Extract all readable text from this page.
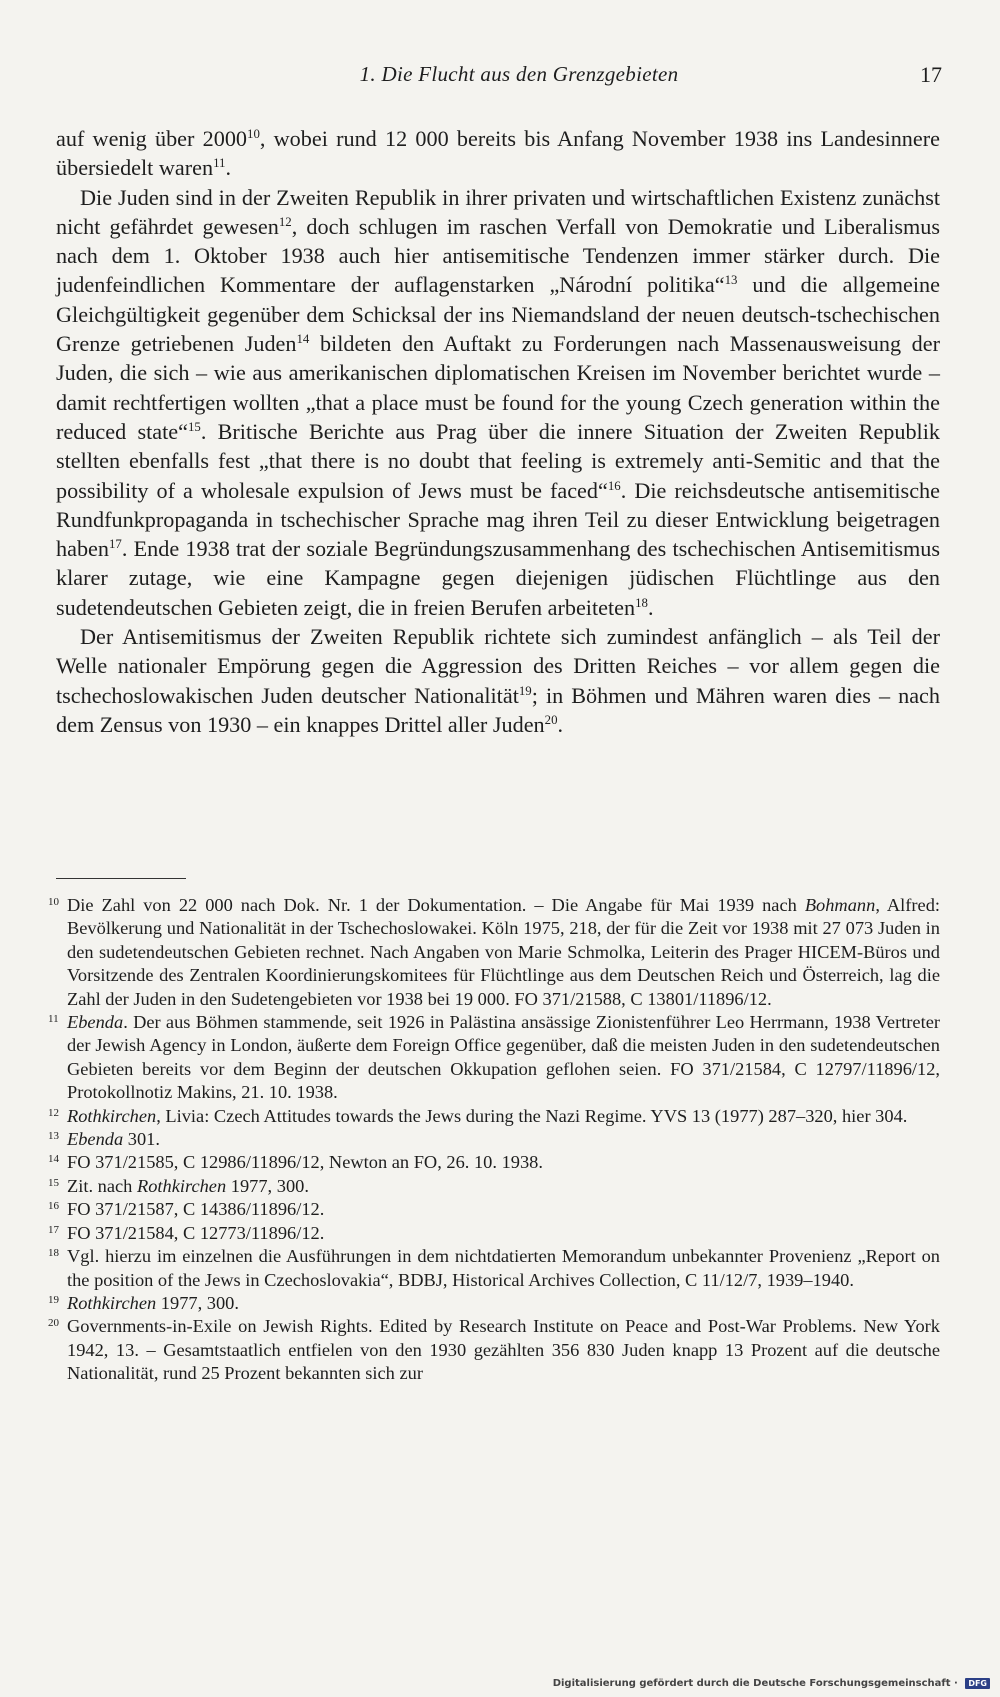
1. Die Flucht aus den Grenzgebieten	17

auf wenig über 2000$^{10}$, wobei rund 12 000 bereits bis Anfang November 1938 ins Landesinnere übersiedelt waren$^{11}$.

Die Juden sind in der Zweiten Republik in ihrer privaten und wirtschaftlichen Existenz zunächst nicht gefährdet gewesen$^{12}$, doch schlugen im raschen Verfall von Demokratie und Liberalismus nach dem 1. Oktober 1938 auch hier antisemitische Tendenzen immer stärker durch. Die judenfeindlichen Kommentare der auflagenstarken „Národní politika“$^{13}$ und die allgemeine Gleichgültigkeit gegenüber dem Schicksal der ins Niemandsland der neuen deutsch-tschechischen Grenze getriebenen Juden$^{14}$ bildeten den Auftakt zu Forderungen nach Massenausweisung der Juden, die sich – wie aus amerikanischen diplomatischen Kreisen im November berichtet wurde – damit rechtfertigen wollten „that a place must be found for the young Czech generation within the reduced state“$^{15}$. Britische Berichte aus Prag über die innere Situation der Zweiten Republik stellten ebenfalls fest „that there is no doubt that feeling is extremely anti-Semitic and that the possibility of a wholesale expulsion of Jews must be faced“$^{16}$. Die reichsdeutsche antisemitische Rundfunkpropaganda in tschechischer Sprache mag ihren Teil zu dieser Entwicklung beigetragen haben$^{17}$. Ende 1938 trat der soziale Begründungszusammenhang des tschechischen Antisemitismus klarer zutage, wie eine Kampagne gegen diejenigen jüdischen Flüchtlinge aus den sudetendeutschen Gebieten zeigt, die in freien Berufen arbeiteten$^{18}$.

Der Antisemitismus der Zweiten Republik richtete sich zumindest anfänglich – als Teil der Welle nationaler Empörung gegen die Aggression des Dritten Reiches – vor allem gegen die tschechoslowakischen Juden deutscher Nationalität$^{19}$; in Böhmen und Mähren waren dies – nach dem Zensus von 1930 – ein knappes Drittel aller Juden$^{20}$.

10 Die Zahl von 22 000 nach Dok. Nr. 1 der Dokumentation. – Die Angabe für Mai 1939 nach Bohmann, Alfred: Bevölkerung und Nationalität in der Tschechoslowakei. Köln 1975, 218, der für die Zeit vor 1938 mit 27 073 Juden in den sudetendeutschen Gebieten rechnet. Nach Angaben von Marie Schmolka, Leiterin des Prager HICEM-Büros und Vorsitzende des Zentralen Koordinierungskomitees für Flüchtlinge aus dem Deutschen Reich und Österreich, lag die Zahl der Juden in den Sudetengebieten vor 1938 bei 19 000. FO 371/21588, C 13801/11896/12.
11 Ebenda. Der aus Böhmen stammende, seit 1926 in Palästina ansässige Zionistenführer Leo Herrmann, 1938 Vertreter der Jewish Agency in London, äußerte dem Foreign Office gegenüber, daß die meisten Juden in den sudetendeutschen Gebieten bereits vor dem Beginn der deutschen Okkupation geflohen seien. FO 371/21584, C 12797/11896/12, Protokollnotiz Makins, 21. 10. 1938.
12 Rothkirchen, Livia: Czech Attitudes towards the Jews during the Nazi Regime. YVS 13 (1977) 287–320, hier 304.
13 Ebenda 301.
14 FO 371/21585, C 12986/11896/12, Newton an FO, 26. 10. 1938.
15 Zit. nach Rothkirchen 1977, 300.
16 FO 371/21587, C 14386/11896/12.
17 FO 371/21584, C 12773/11896/12.
18 Vgl. hierzu im einzelnen die Ausführungen in dem nichtdatierten Memorandum unbekannter Provenienz „Report on the position of the Jews in Czechoslovakia“, BDBJ, Historical Archives Collection, C 11/12/7, 1939–1940.
19 Rothkirchen 1977, 300.
20 Governments-in-Exile on Jewish Rights. Edited by Research Institute on Peace and Post-War Problems. New York 1942, 13. – Gesamtstaatlich entfielen von den 1930 gezählten 356 830 Juden knapp 13 Prozent auf die deutsche Nationalität, rund 25 Prozent bekannten sich zur
Digitalisierung gefördert durch die Deutsche Forschungsgemeinschaft · DFG
